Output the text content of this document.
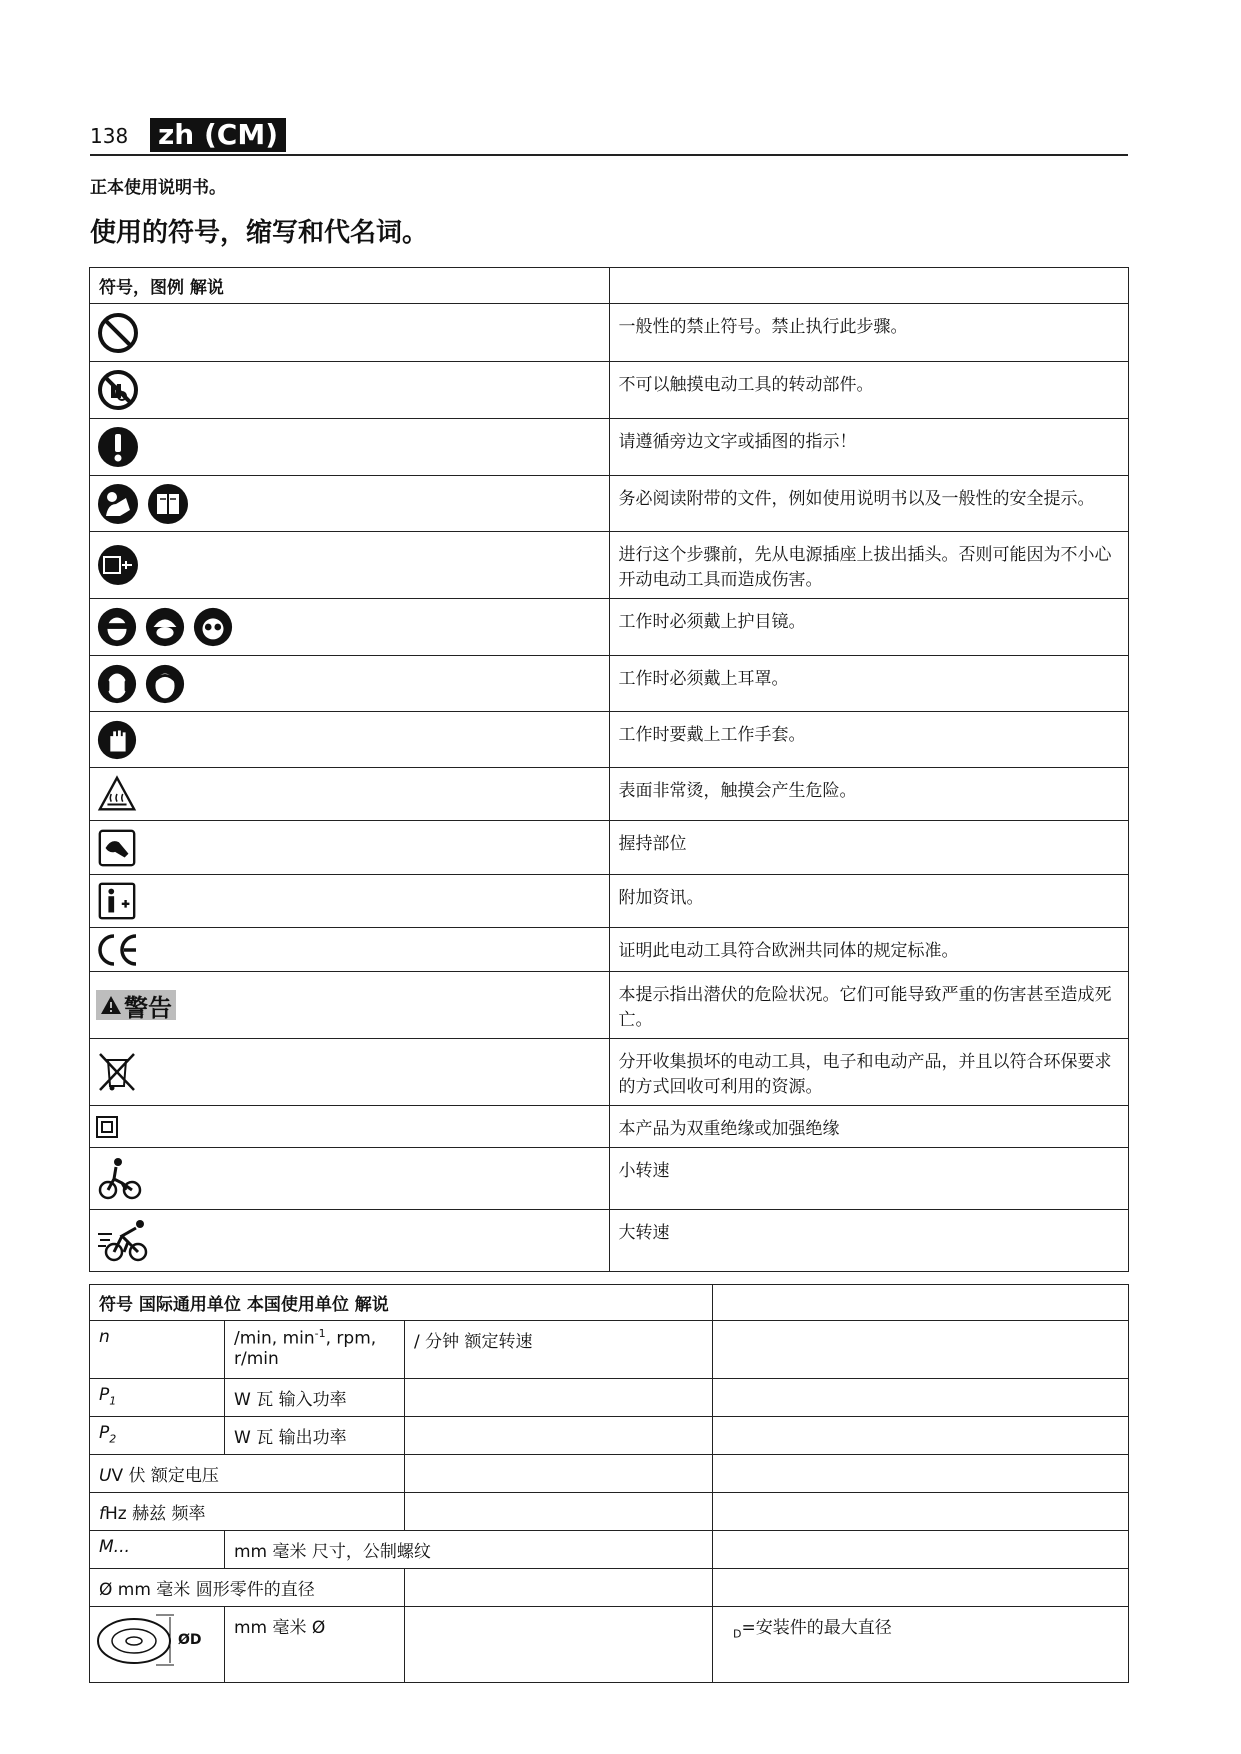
138 zh (CM)
正本使用说明书。
使用的符号，缩写和代名词。
符号，图例 解说	

	一般性的禁止符号。禁止执行此步骤。

	不可以触摸电动工具的转动部件。

	请遵循旁边文字或插图的指示！

	务必阅读附带的文件，例如使用说明书以及一般性的安全提示。

	进行这个步骤前，先从电源插座上拔出插头。否则可能因为不小心开动电动工具而造成伤害。

	工作时必须戴上护目镜。

	工作时必须戴上耳罩。

	工作时要戴上工作手套。

	表面非常烫，触摸会产生危险。

	握持部位

	附加资讯。

	证明此电动工具符合欧洲共同体的规定标准。

警告	本提示指出潜伏的危险状况。它们可能导致严重的伤害甚至造成死亡。

	分开收集损坏的电动工具，电子和电动产品，并且以符合环保要求的方式回收可利用的资源。

	本产品为双重绝缘或加强绝缘

	小转速

	大转速
符号 国际通用单位 本国使用单位 解说			
n	/min, $\min^{-1}$, rpm, r/min	/ 分钟 额定转速	
$P_1$	W 瓦 输入功率		
$P_2$	W 瓦 输出功率		
UV 伏 额定电压			
fHz 赫兹 频率			
M...	mm 毫米 尺寸，公制螺纹		
Ø mm 毫米 圆形零件的直径			

ØD	mm 毫米 Ø		$_D$=安装件的最大直径
